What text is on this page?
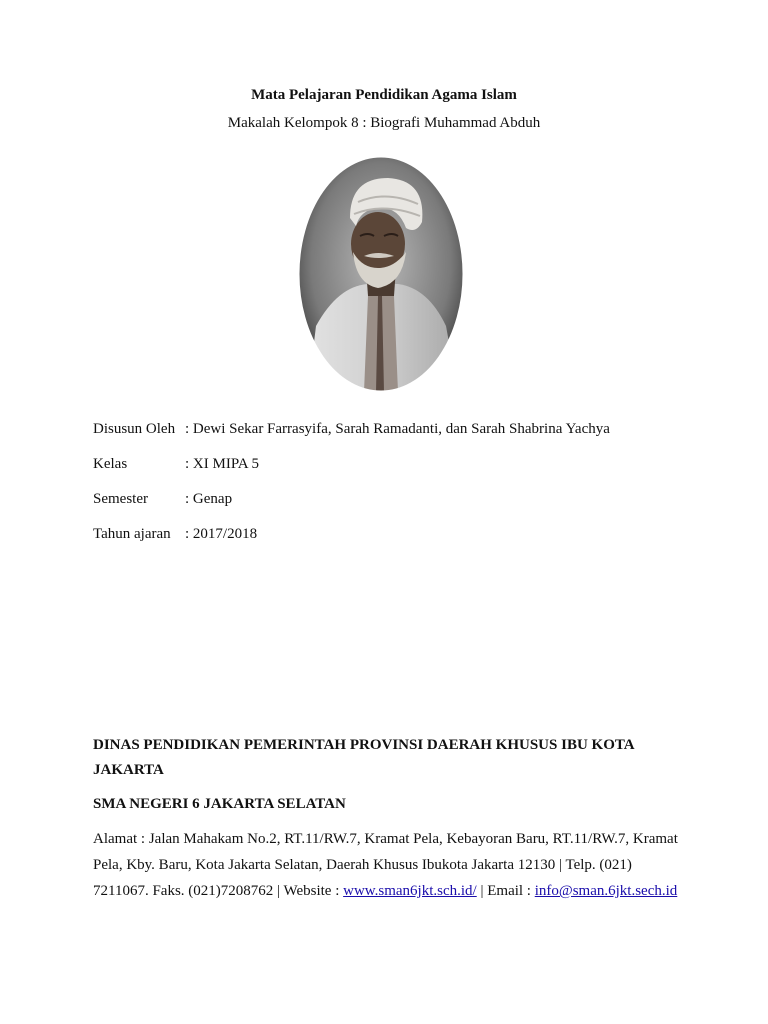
Mata Pelajaran Pendidikan Agama Islam
Makalah Kelompok 8 : Biografi Muhammad Abduh
Disusun Oleh : Dewi Sekar Farrasyifa, Sarah Ramadanti, dan Sarah Shabrina Yachya
Kelas	: XI MIPA 5
Semester : Genap
Tahun ajaran : 2017/2018
DINAS PENDIDIKAN PEMERINTAH PROVINSI DAERAH KHUSUS IBU KOTA JAKARTA
SMA NEGERI 6 JAKARTA SELATAN
Alamat : Jalan Mahakam No.2, RT.11/RW.7, Kramat Pela, Kebayoran Baru, RT.11/RW.7, Kramat Pela, Kby. Baru, Kota Jakarta Selatan, Daerah Khusus Ibukota Jakarta 12130 | Telp. (021) 7211067. Faks. (021)7208762 | Website : www.sman6jkt.sch.id/ | Email : info@sman.6jkt.sech.id
